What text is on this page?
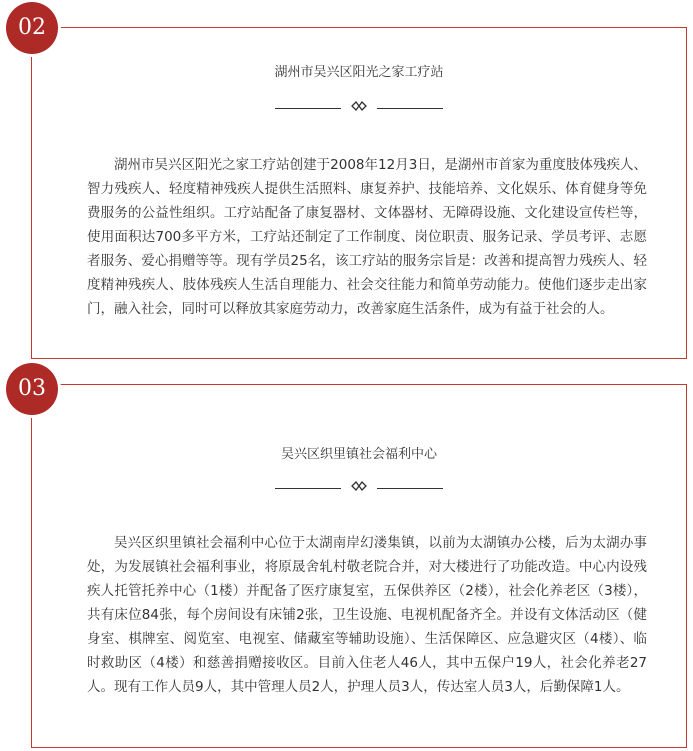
湖州市吴兴区阳光之家工疗站

湖州市吴兴区阳光之家工疗站创建于2008年12月3日，是湖州市首家为重度肢体残疾人、智力残疾人、轻度精神残疾人提供生活照料、康复养护、技能培养、文化娱乐、体育健身等免费服务的公益性组织。工疗站配备了康复器材、文体器材、无障碍设施、文化建设宣传栏等，使用面积达700多平方米，工疗站还制定了工作制度、岗位职责、服务记录、学员考评、志愿者服务、爱心捐赠等等。现有学员25名，该工疗站的服务宗旨是：改善和提高智力残疾人、轻度精神残疾人、肢体残疾人生活自理能力、社会交往能力和简单劳动能力。使他们逐步走出家门，融入社会，同时可以释放其家庭劳动力，改善家庭生活条件，成为有益于社会的人。

02
吴兴区织里镇社会福利中心

吴兴区织里镇社会福利中心位于太湖南岸幻溇集镇，以前为太湖镇办公楼，后为太湖办事处，为发展镇社会福利事业，将原晟舍轧村敬老院合并，对大楼进行了功能改造。中心内设残疾人托管托养中心（1楼）并配备了医疗康复室，五保供养区（2楼），社会化养老区（3楼），共有床位84张，每个房间设有床铺2张，卫生设施、电视机配备齐全。并设有文体活动区（健身室、棋牌室、阅览室、电视室、储藏室等辅助设施）、生活保障区、应急避灾区（4楼）、临时救助区（4楼）和慈善捐赠接收区。目前入住老人46人，其中五保户19人，社会化养老27人。现有工作人员9人，其中管理人员2人，护理人员3人，传达室人员3人，后勤保障1人。

03
